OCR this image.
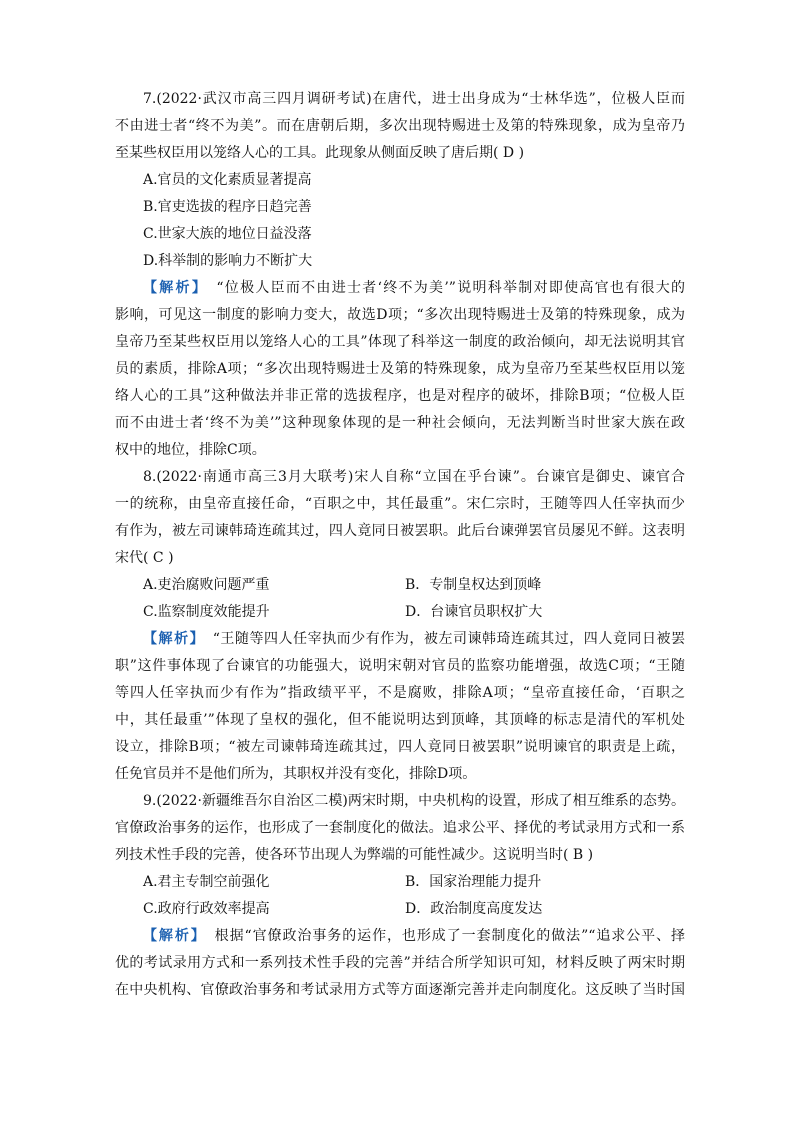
7.(2022·武汉市高三四月调研考试)在唐代，进士出身成为“士林华选”，位极人臣而
不由进士者“终不为美”。而在唐朝后期，多次出现特赐进士及第的特殊现象，成为皇帝乃
至某些权臣用以笼络人心的工具。此现象从侧面反映了唐后期( D )
A.官员的文化素质显著提高
B.官吏选拔的程序日趋完善
C.世家大族的地位日益没落
D.科举制的影响力不断扩大
【解析】　 “位极人臣而不由进士者‘终不为美’”说明科举制对即使高官也有很大的
影响，可见这一制度的影响力变大，故选D项；“多次出现特赐进士及第的特殊现象，成为
皇帝乃至某些权臣用以笼络人心的工具”体现了科举这一制度的政治倾向，却无法说明其官
员的素质，排除A项；“多次出现特赐进士及第的特殊现象，成为皇帝乃至某些权臣用以笼
络人心的工具”这种做法并非正常的选拔程序，也是对程序的破坏，排除B项；“位极人臣
而不由进士者‘终不为美’”这种现象体现的是一种社会倾向，无法判断当时世家大族在政
权中的地位，排除C项。
8.(2022·南通市高三3月大联考)宋人自称“立国在乎台谏”。台谏官是御史、谏官合
一的统称，由皇帝直接任命，“百职之中，其任最重”。宋仁宗时，王随等四人任宰执而少
有作为，被左司谏韩琦连疏其过，四人竟同日被罢职。此后台谏弹罢官员屡见不鲜。这表明
宋代( C )
A.吏治腐败问题严重	B．专制皇权达到顶峰
C.监察制度效能提升	D．台谏官员职权扩大
【解析】　 “王随等四人任宰执而少有作为，被左司谏韩琦连疏其过，四人竟同日被罢
职”这件事体现了台谏官的功能强大，说明宋朝对官员的监察功能增强，故选C项；“王随
等四人任宰执而少有作为”指政绩平平，不是腐败，排除A项；“皇帝直接任命，‘百职之
中，其任最重’”体现了皇权的强化，但不能说明达到顶峰，其顶峰的标志是清代的军机处
设立，排除B项；“被左司谏韩琦连疏其过，四人竟同日被罢职”说明谏官的职责是上疏，
任免官员并不是他们所为，其职权并没有变化，排除D项。
9.(2022·新疆维吾尔自治区二模)两宋时期，中央机构的设置，形成了相互维系的态势。
官僚政治事务的运作，也形成了一套制度化的做法。追求公平、择优的考试录用方式和一系
列技术性手段的完善，使各环节出现人为弊端的可能性减少。这说明当时( B )
A.君主专制空前强化	B．国家治理能力提升
C.政府行政效率提高	D．政治制度高度发达
【解析】　 根据“官僚政治事务的运作，也形成了一套制度化的做法”“追求公平、择
优的考试录用方式和一系列技术性手段的完善”并结合所学知识可知，材料反映了两宋时期
在中央机构、官僚政治事务和考试录用方式等方面逐渐完善并走向制度化。这反映了当时国
